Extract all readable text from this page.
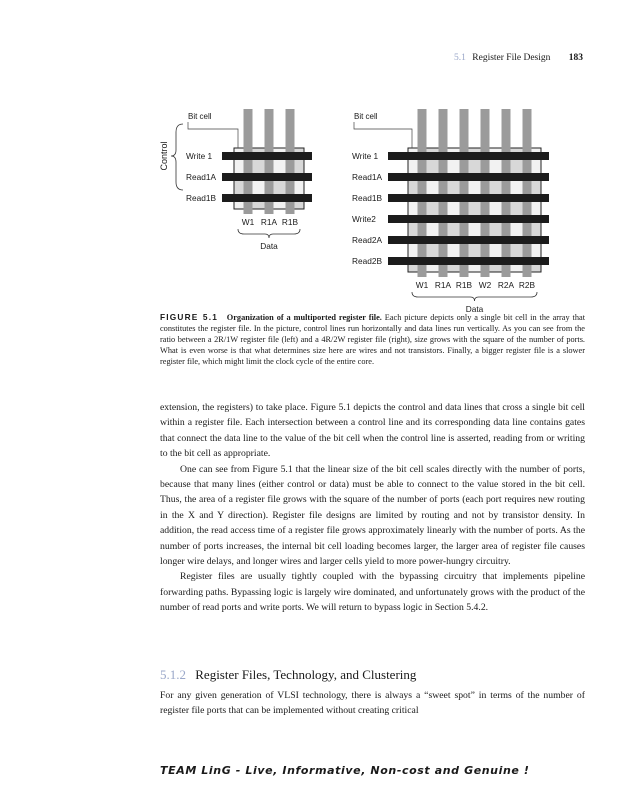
5.1 Register File Design 183
Control
Bit cell
Write 1
Read1A
Read1B
W1 R1A R1B
Data
Bit cell
Write 1
Read1A
Read1B
Write2
Read2A
Read2B
W1 R1A R1B W2 R2A R2B
Data
FIGURE 5.1 Organization of a multiported register file. Each picture depicts only a single bit cell in the array that constitutes the register file. In the picture, control lines run horizontally and data lines run vertically. As you can see from the ratio between a 2R/1W register file (left) and a 4R/2W register file (right), size grows with the square of the number of ports. What is even worse is that what determines size here are wires and not transistors. Finally, a bigger register file is a slower register file, which might limit the clock cycle of the entire core.

extension, the registers) to take place. Figure 5.1 depicts the control and data lines that cross a single bit cell within a register file. Each intersection between a control line and its corresponding data line contains gates that connect the data line to the value of the bit cell when the control line is asserted, reading from or writing to the bit cell as appropriate.

One can see from Figure 5.1 that the linear size of the bit cell scales directly with the number of ports, because that many lines (either control or data) must be able to connect to the value stored in the bit cell. Thus, the area of a register file grows with the square of the number of ports (each port requires new routing in the X and Y direction). Register file designs are limited by routing and not by transistor density. In addition, the read access time of a register file grows approximately linearly with the number of ports. As the number of ports increases, the internal bit cell loading becomes larger, the larger area of register file causes longer wire delays, and longer wires and larger cells yield to more power-hungry circuitry.

Register files are usually tightly coupled with the bypassing circuitry that implements pipeline forwarding paths. Bypassing logic is largely wire dominated, and unfortunately grows with the product of the number of read ports and write ports. We will return to bypass logic in Section 5.4.2.

5.1.2 Register Files, Technology, and Clustering
For any given generation of VLSI technology, there is always a “sweet spot” in terms of the number of register file ports that can be implemented without creating critical
TEAM LinG - Live, Informative, Non-cost and Genuine !
